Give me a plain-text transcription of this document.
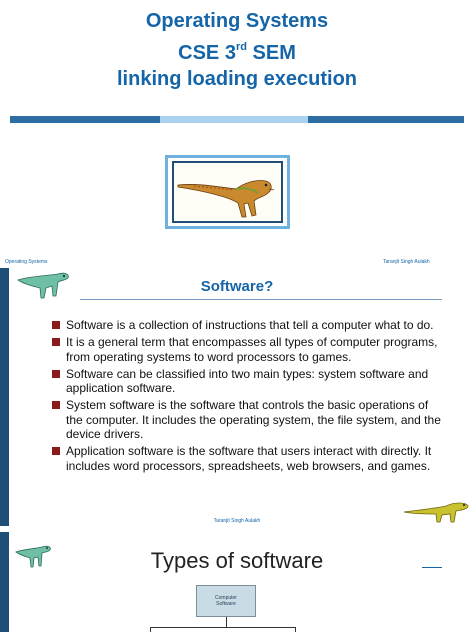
Operating Systems
CSE 3rd SEM
linking loading execution
Operating Systems	Taranjit Singh Aulakh
Software?
Software is a collection of instructions that tell a computer what to do.
It is a general term that encompasses all types of computer programs, from operating systems to word processors to games.
Software can be classified into two main types: system software and application software.
System software is the software that controls the basic operations of the computer. It includes the operating system, the file system, and the device drivers.
Application software is the software that users interact with directly. It includes word processors, spreadsheets, web browsers, and games.
Taranjit Singh Aulakh
Types of software
Computer
Software
